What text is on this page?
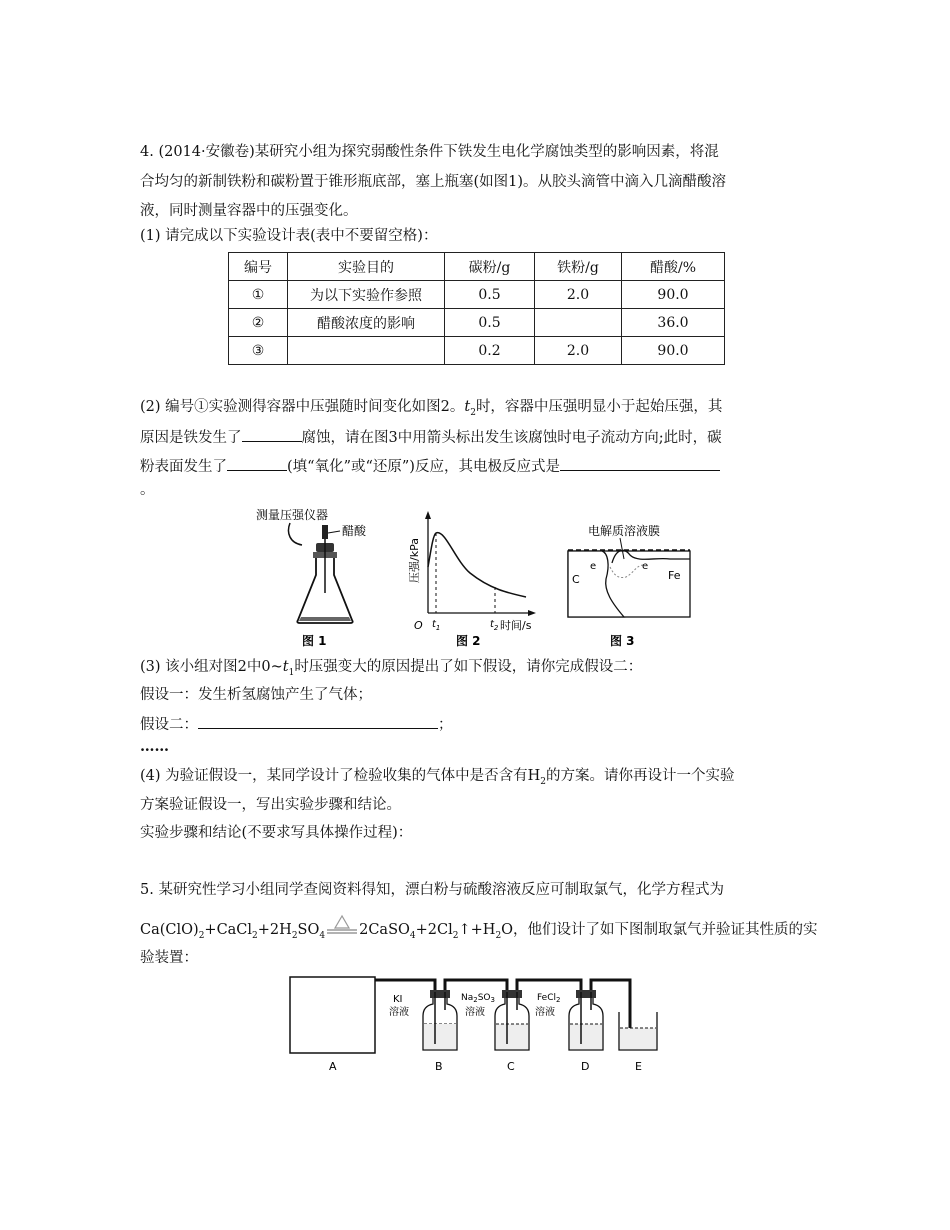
4. (2014·安徽卷)某研究小组为探究弱酸性条件下铁发生电化学腐蚀类型的影响因素，将混
合均匀的新制铁粉和碳粉置于锥形瓶底部，塞上瓶塞(如图1)。从胶头滴管中滴入几滴醋酸溶
液，同时测量容器中的压强变化。
(1) 请完成以下实验设计表(表中不要留空格)：
编号	实验目的	碳粉/g	铁粉/g	醋酸/%
①	为以下实验作参照	0.5	2.0	90.0
②	醋酸浓度的影响	0.5		36.0
③		0.2	2.0	90.0
(2) 编号①实验测得容器中压强随时间变化如图2。$t_2$时，容器中压强明显小于起始压强，其
原因是铁发生了	腐蚀，请在图3中用箭头标出发生该腐蚀时电子流动方向;此时，碳
粉表面发生了	(填“氧化”或“还原”)反应，其电极反应式是
。
测量压强仪器
醋酸
图 1
压强/kPa
时间/s
O $t_1$	$t_2$
图 2
电解质溶液膜
C	Fe
e	e
图 3
(3) 该小组对图2中$0\sim t_1$时压强变大的原因提出了如下假设，请你完成假设二：
假设一：发生析氢腐蚀产生了气体；
假设二：	；
……
(4) 为验证假设一，某同学设计了检验收集的气体中是否含有$H_2$的方案。请你再设计一个实验
方案验证假设一，写出实验步骤和结论。
实验步骤和结论(不要求写具体操作过程)：
5. 某研究性学习小组同学查阅资料得知，漂白粉与硫酸溶液反应可制取氯气，化学方程式为
$Ca(ClO)_2+CaCl_2+2H_2SO_4$ $2CaSO_4+2Cl_2↑+H_2O$，他们设计了如下图制取氯气并验证其性质的实
验装置：
KI
溶液
$Na_2SO_3$
溶液
FeCl$_2$
溶液
A	B	C	D	E
